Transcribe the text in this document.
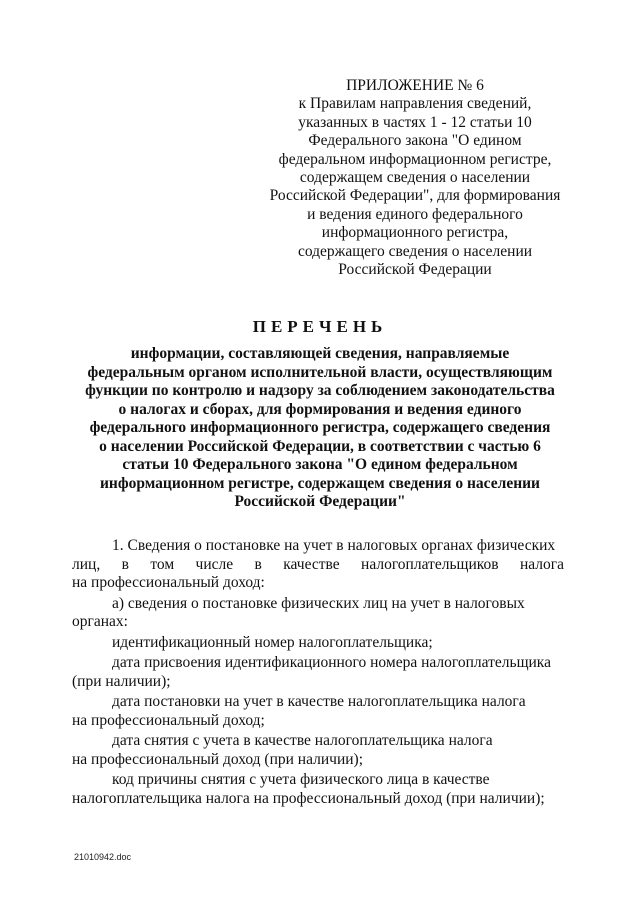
ПРИЛОЖЕНИЕ № 6
к Правилам направления сведений,
указанных в частях 1 - 12 статьи 10
Федерального закона "О едином
федеральном информационном регистре,
содержащем сведения о населении
Российской Федерации", для формирования
и ведения единого федерального
информационного регистра,
содержащего сведения о населении
Российской Федерации
ПЕРЕЧЕНЬ
информации, составляющей сведения, направляемые
федеральным органом исполнительной власти, осуществляющим
функции по контролю и надзору за соблюдением законодательства
о налогах и сборах, для формирования и ведения единого
федерального информационного регистра, содержащего сведения
о населении Российской Федерации, в соответствии с частью 6
статьи 10 Федерального закона "О едином федеральном
информационном регистре, содержащем сведения о населении
Российской Федерации"
1. Сведения о постановке на учет в налоговых органах физических
лиц, в том числе в качестве налогоплательщиков налога
на профессиональный доход:
а) сведения о постановке физических лиц на учет в налоговых
органах:
идентификационный номер налогоплательщика;
дата присвоения идентификационного номера налогоплательщика
(при наличии);
дата постановки на учет в качестве налогоплательщика налога
на профессиональный доход;
дата снятия с учета в качестве налогоплательщика налога
на профессиональный доход (при наличии);
код причины снятия с учета физического лица в качестве
налогоплательщика налога на профессиональный доход (при наличии);
21010942.doc
